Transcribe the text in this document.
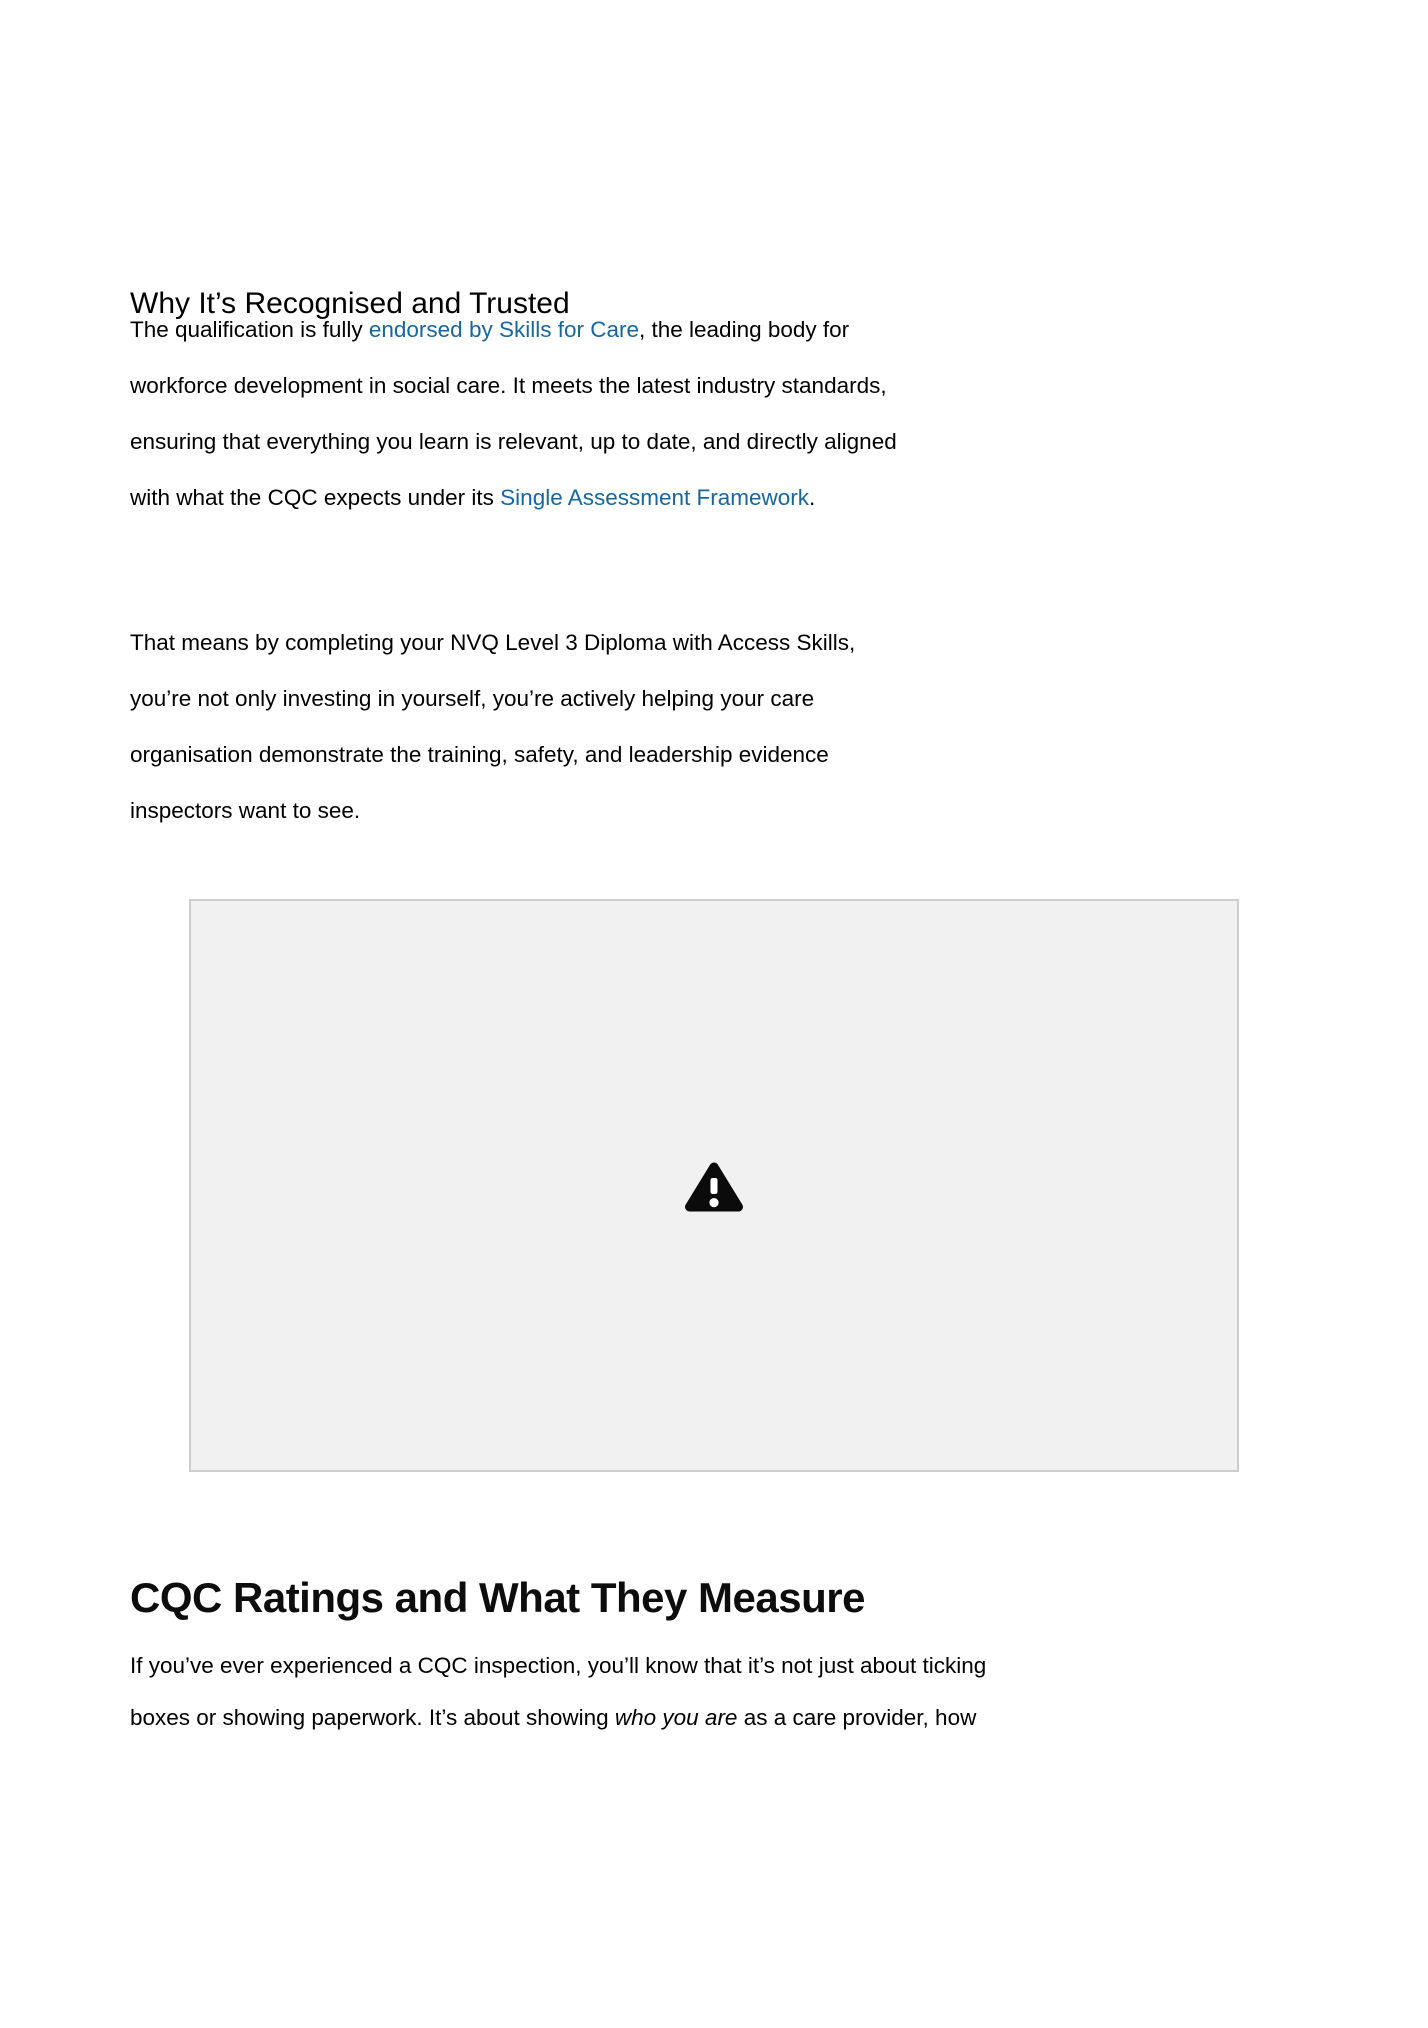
Why It’s Recognised and Trusted
The qualification is fully endorsed by Skills for Care, the leading body for
workforce development in social care. It meets the latest industry standards,
ensuring that everything you learn is relevant, up to date, and directly aligned
with what the CQC expects under its Single Assessment Framework.
That means by completing your NVQ Level 3 Diploma with Access Skills,
you’re not only investing in yourself, you’re actively helping your care
organisation demonstrate the training, safety, and leadership evidence
inspectors want to see.
CQC Ratings and What They Measure
If you’ve ever experienced a CQC inspection, you’ll know that it’s not just about ticking
boxes or showing paperwork. It’s about showing who you are as a care provider, how
